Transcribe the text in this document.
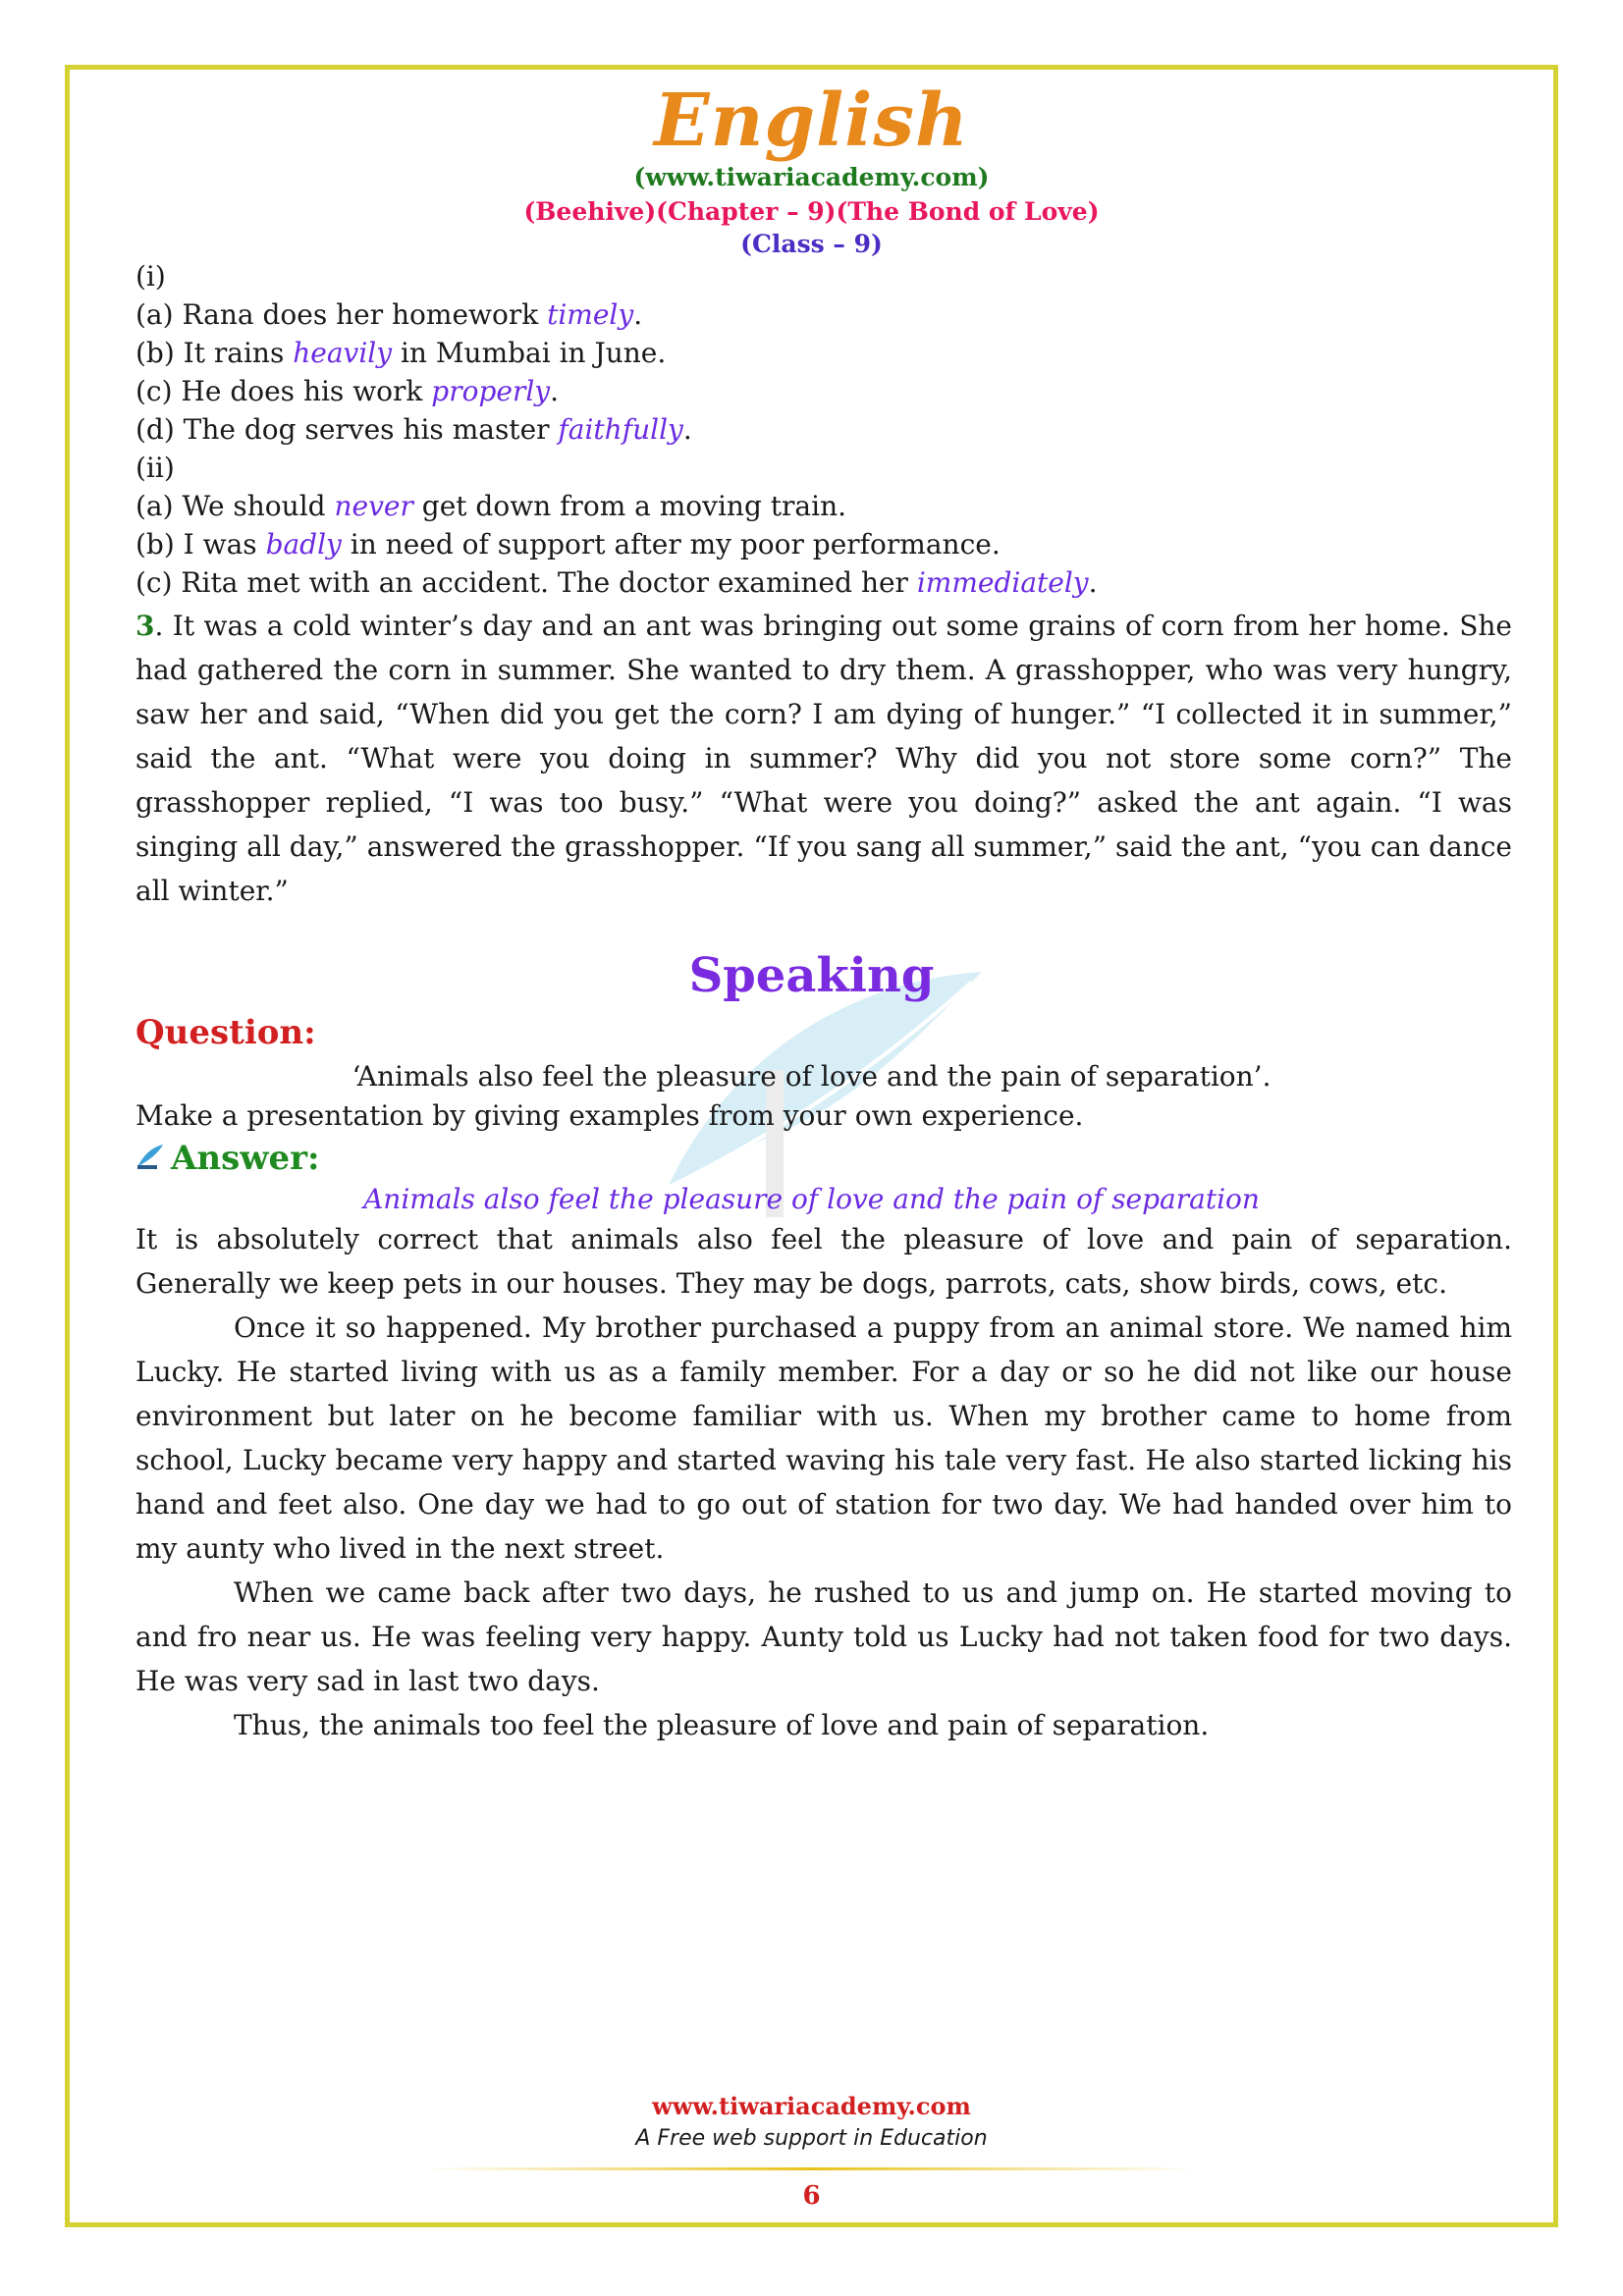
English
(www.tiwariacademy.com)
(Beehive)(Chapter – 9)(The Bond of Love)
(Class – 9)
(i)
(a) Rana does her homework timely.
(b) It rains heavily in Mumbai in June.
(c) He does his work properly.
(d) The dog serves his master faithfully.
(ii)
(a) We should never get down from a moving train.
(b) I was badly in need of support after my poor performance.
(c) Rita met with an accident. The doctor examined her immediately.

3. It was a cold winter’s day and an ant was bringing out some grains of corn from her home. She had gathered the corn in summer. She wanted to dry them. A grasshopper, who was very hungry, saw her and said, “When did you get the corn? I am dying of hunger.” “I collected it in summer,” said the ant. “What were you doing in summer? Why did you not store some corn?” The grasshopper replied, “I was too busy.” “What were you doing?” asked the ant again. “I was singing all day,” answered the grasshopper. “If you sang all summer,” said the ant, “you can dance all winter.”

Speaking
Question:
‘Animals also feel the pleasure of love and the pain of separation’.
Make a presentation by giving examples from your own experience.
Answer:
Animals also feel the pleasure of love and the pain of separation

It is absolutely correct that animals also feel the pleasure of love and pain of separation. Generally we keep pets in our houses. They may be dogs, parrots, cats, show birds, cows, etc.

Once it so happened. My brother purchased a puppy from an animal store. We named him Lucky. He started living with us as a family member. For a day or so he did not like our house environment but later on he become familiar with us. When my brother came to home from school, Lucky became very happy and started waving his tale very fast. He also started licking his hand and feet also. One day we had to go out of station for two day. We had handed over him to my aunty who lived in the next street.

When we came back after two days, he rushed to us and jump on. He started moving to and fro near us. He was feeling very happy. Aunty told us Lucky had not taken food for two days. He was very sad in last two days.

Thus, the animals too feel the pleasure of love and pain of separation.

www.tiwariacademy.com
A Free web support in Education
6
